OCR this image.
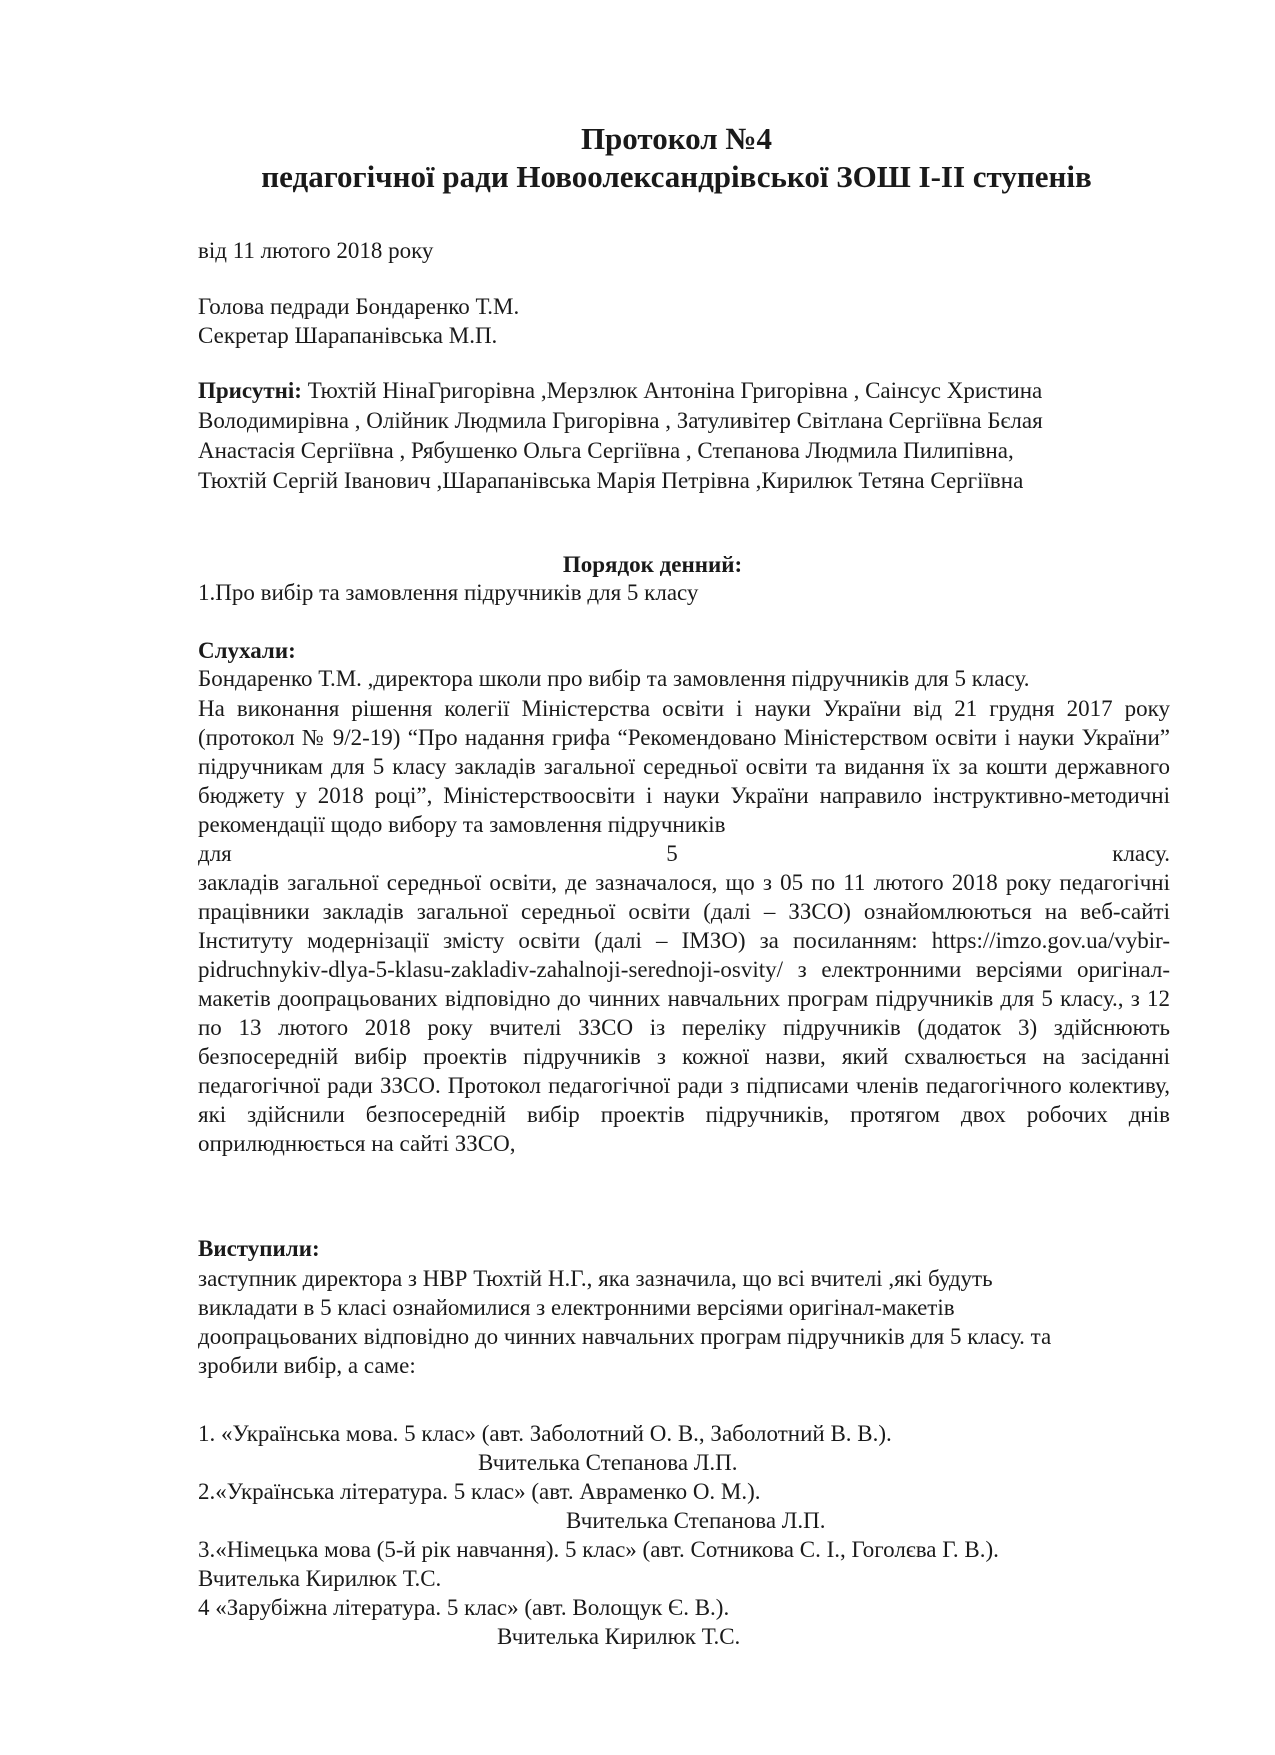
Протокол №4
педагогічної ради Новоолександрівської ЗОШ І-ІІ ступенів
від 11 лютого 2018 року
Голова педради Бондаренко Т.М.
Секретар Шарапанівська М.П.
Присутні: Тюхтій НінаГригорівна ,Мерзлюк Антоніна Григорівна , Саінсус Христина
Володимирівна , Олійник Людмила Григорівна , Затуливітер Світлана Сергіївна Бєлая
Анастасія Сергіївна , Рябушенко Ольга Сергіївна , Степанова Людмила Пилипівна,
Тюхтій Сергій Іванович ,Шарапанівська Марія Петрівна ,Кирилюк Тетяна Сергіївна
Порядок денний:
1.Про вибір та замовлення підручників для 5 класу
Слухали:
Бондаренко Т.М. ,директора школи про вибір та замовлення підручників для 5 класу.
На виконання рішення колегії Міністерства освіти і науки України від 21 грудня 2017 року (протокол № 9/2-19) “Про надання грифа “Рекомендовано Міністерством освіти і науки України” підручникам для 5 класу закладів загальної середньої освіти та видання їх за кошти державного бюджету у 2018 році”, Міністерствоосвіти і науки України направило інструктивно-методичні рекомендації щодо вибору та замовлення підручників
для	5	класу.
закладів загальної середньої освіти, де зазначалося, що з 05 по 11 лютого 2018 року педагогічні працівники закладів загальної середньої освіти (далі – ЗЗСО) ознайомлюються на веб-сайті Інституту модернізації змісту освіти (далі – ІМЗО) за посиланням: https://imzo.gov.ua/vybir-pidruchnykiv-dlya-5-klasu-zakladiv-zahalnoji-serednoji-osvity/ з електронними версіями оригінал-макетів доопрацьованих відповідно до чинних навчальних програм підручників для 5 класу., з 12 по 13 лютого 2018 року вчителі ЗЗСО із переліку підручників (додаток 3) здійснюють безпосередній вибір проектів підручників з кожної назви, який схвалюється на засіданні педагогічної ради ЗЗСО. Протокол педагогічної ради з підписами членів педагогічного колективу, які здійснили безпосередній вибір проектів підручників, протягом двох робочих днів оприлюднюється на сайті ЗЗСО,
Виступили:
заступник директора з НВР Тюхтій Н.Г., яка зазначила, що всі вчителі ,які будуть
викладати в 5 класі ознайомилися з електронними версіями оригінал-макетів
доопрацьованих відповідно до чинних навчальних програм підручників для 5 класу. та
зробили вибір, а саме:
1. «Українська мова. 5 клас» (авт. Заболотний О. В., Заболотний В. В.).
Вчителька Степанова Л.П.
2.«Українська література. 5 клас» (авт. Авраменко О. М.).
Вчителька Степанова Л.П.
3.«Німецька мова (5-й рік навчання). 5 клас» (авт. Сотникова С. І., Гоголєва Г. В.).
Вчителька Кирилюк Т.С.
4 «Зарубіжна література. 5 клас» (авт. Волощук Є. В.).
Вчителька Кирилюк Т.С.
